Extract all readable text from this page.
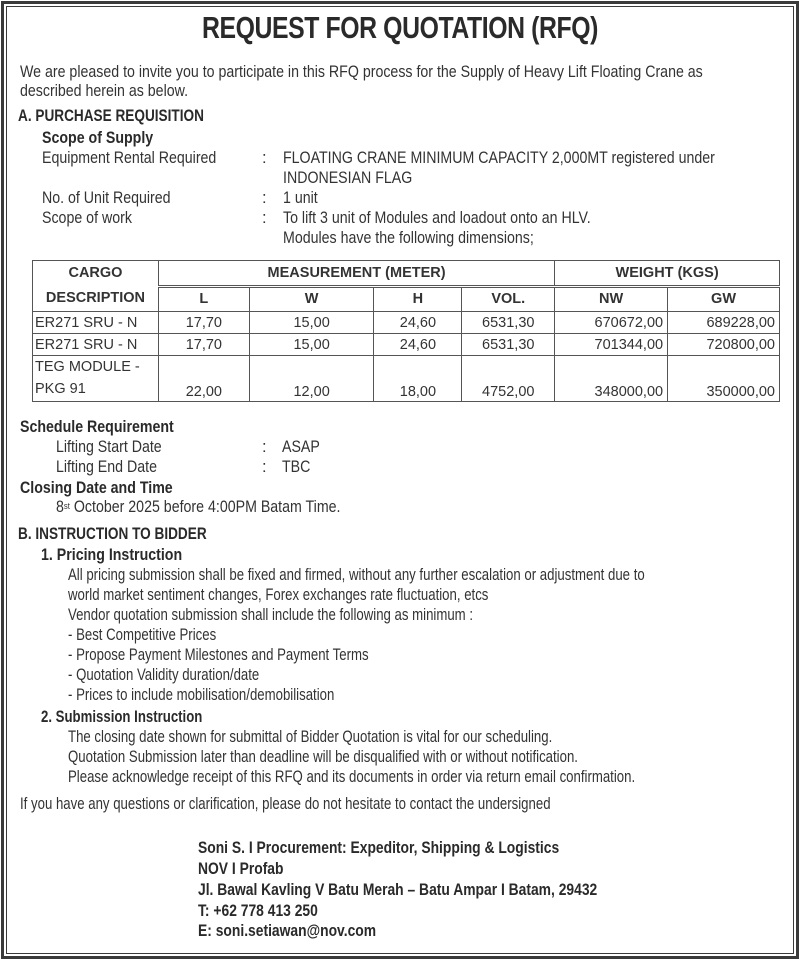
REQUEST FOR QUOTATION (RFQ)
We are pleased to invite you to participate in this RFQ process for the Supply of Heavy Lift Floating Crane as
described herein as below.
A. PURCHASE REQUISITION
Scope of Supply
Equipment Rental Required	: FLOATING CRANE MINIMUM CAPACITY 2,000MT registered under
INDONESIAN FLAG
No. of Unit Required	: 1 unit
Scope of work	: To lift 3 unit of Modules and loadout onto an HLV.
Modules have the following dimensions;
CARGO
DESCRIPTION	MEASUREMENT (METER)				WEIGHT (KGS)	
	L	W	H	VOL.	NW	GW
ER271 SRU - N	17,70	15,00	24,60	6531,30	670672,00	689228,00
ER271 SRU - N	17,70	15,00	24,60	6531,30	701344,00	720800,00

TEG MODULE -
PKG 91	22,00	12,00	18,00	4752,00	348000,00	350000,00
Schedule Requirement
Lifting Start Date	: ASAP
Lifting End Date	: TBC
Closing Date and Time
8st October 2025 before 4:00PM Batam Time.
B. INSTRUCTION TO BIDDER
1. Pricing Instruction
All pricing submission shall be fixed and firmed, without any further escalation or adjustment due to
world market sentiment changes, Forex exchanges rate fluctuation, etcs
Vendor quotation submission shall include the following as minimum :
- Best Competitive Prices
- Propose Payment Milestones and Payment Terms
- Quotation Validity duration/date
- Prices to include mobilisation/demobilisation
2. Submission Instruction
The closing date shown for submittal of Bidder Quotation is vital for our scheduling.
Quotation Submission later than deadline will be disqualified with or without notification.
Please acknowledge receipt of this RFQ and its documents in order via return email confirmation.
If you have any questions or clarification, please do not hesitate to contact the undersigned
Soni S. I Procurement: Expeditor, Shipping & Logistics
NOV I Profab
Jl. Bawal Kavling V Batu Merah – Batu Ampar I Batam, 29432
T: +62 778 413 250
E: soni.setiawan@nov.com
